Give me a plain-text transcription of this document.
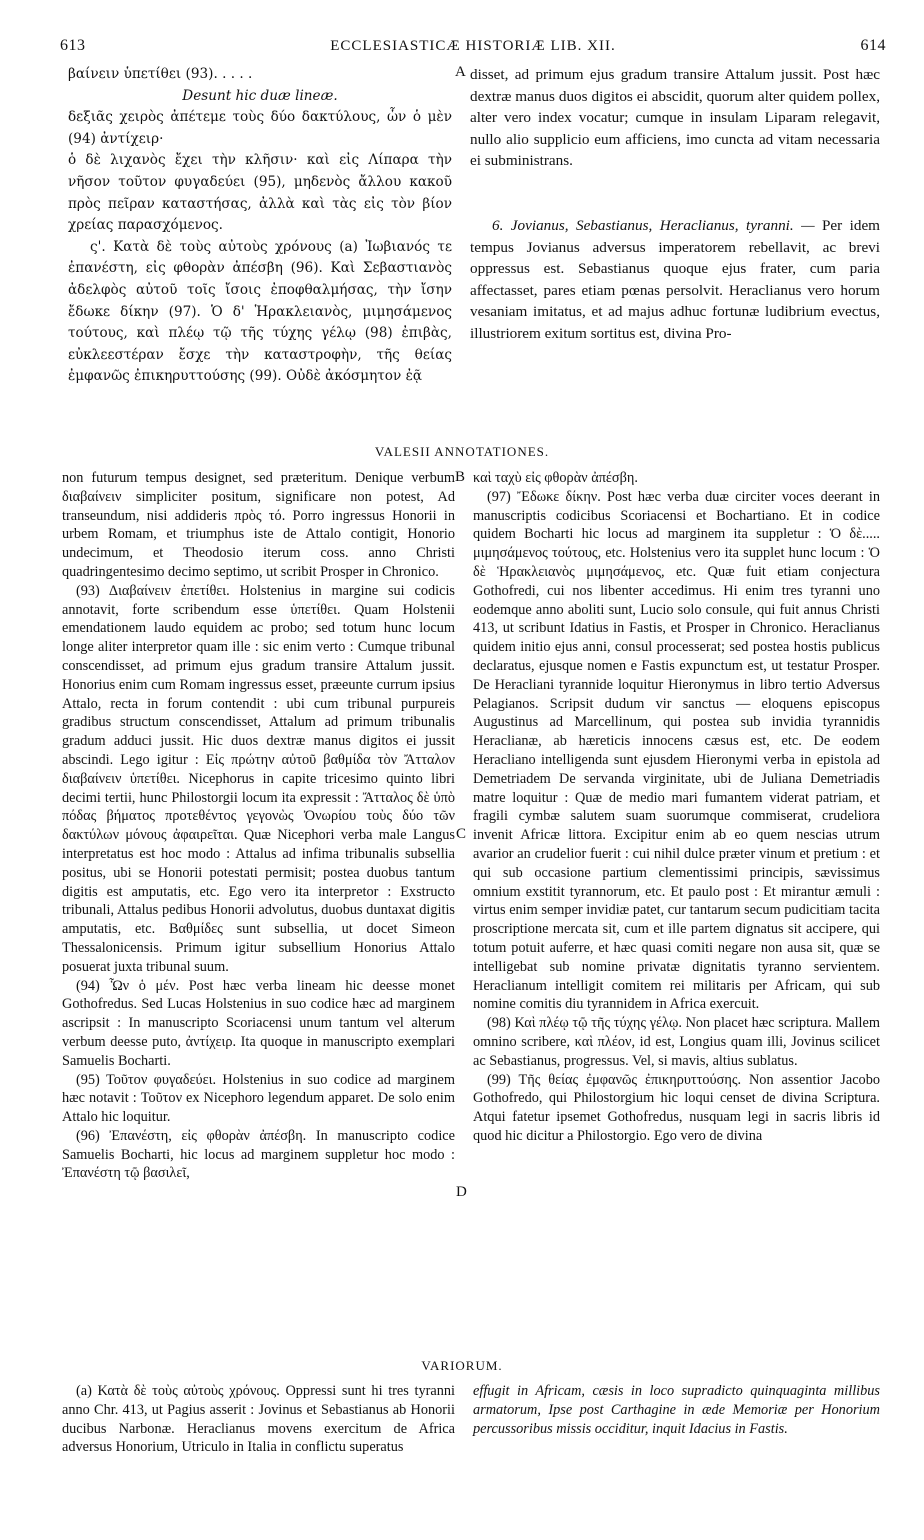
613	ECCLESIASTICÆ HISTORIÆ LIB. XII.	614

βαίνειν ὑπετίθει (93). . . . .

Desunt hic duæ lineæ.

δεξιᾶς χειρὸς ἀπέτεμε τοὺς δύο δακτύλους, ὧν ὁ μὲν (94) ἀντίχειρ·

ὁ δὲ λιχανὸς ἔχει τὴν κλῆσιν· καὶ εἰς Λίπαρα τὴν νῆσον τοῦτον φυγαδεύει (95), μηδενὸς ἄλλου κακοῦ πρὸς πεῖραν καταστήσας, ἀλλὰ καὶ τὰς εἰς τὸν βίον χρείας παρασχόμενος.

ς'. Κατὰ δὲ τοὺς αὐτοὺς χρόνους (a) Ἰωβιανός τε ἐπανέστη, εἰς φθορὰν ἀπέσβη (96). Καὶ Σεβαστιανὸς ἀδελφὸς αὐτοῦ τοῖς ἴσοις ἐποφθαλμήσας, τὴν ἴσην ἔδωκε δίκην (97). Ὁ δ' Ἡρακλειανὸς, μιμησάμενος τούτους, καὶ πλέῳ τῷ τῆς τύχης γέλῳ (98) ἐπιβὰς, εὐκλεεστέραν ἔσχε τὴν καταστροφὴν, τῆς θείας ἐμφανῶς ἐπικηρυττούσης (99). Οὐδὲ ἀκόσμητον ἐᾷ

disset, ad primum ejus gradum transire Attalum jussit. Post hæc dextræ manus duos digitos ei abscidit, quorum alter quidem pollex, alter vero index vocatur; cumque in insulam Liparam relegavit, nullo alio supplicio eum afficiens, imo cuncta ad vitam necessaria ei subministrans.

6. Jovianus, Sebastianus, Heraclianus, tyranni. — Per idem tempus Jovianus adversus imperatorem rebellavit, ac brevi oppressus est. Sebastianus quoque ejus frater, cum paria affectasset, pares etiam pœnas persolvit. Heraclianus vero horum vesaniam imitatus, et ad majus adhuc fortunæ ludibrium evectus, illustriorem exitum sortitus est, divina Pro-

A
B
C
D
VALESII ANNOTATIONES.

non futurum tempus designet, sed præteritum. Denique verbum διαβαίνειν simpliciter positum, significare non potest, Ad transeundum, nisi addideris πρὸς τό. Porro ingressus Honorii in urbem Romam, et triumphus iste de Attalo contigit, Honorio undecimum, et Theodosio iterum coss. anno Christi quadringentesimo decimo septimo, ut scribit Prosper in Chronico.

(93) Διαβαίνειν ἐπετίθει. Holstenius in margine sui codicis annotavit, forte scribendum esse ὑπετίθει. Quam Holstenii emendationem laudo equidem ac probo; sed totum hunc locum longe aliter interpretor quam ille : sic enim verto : Cumque tribunal conscendisset, ad primum ejus gradum transire Attalum jussit. Honorius enim cum Romam ingressus esset, præeunte currum ipsius Attalo, recta in forum contendit : ubi cum tribunal purpureis gradibus structum conscendisset, Attalum ad primum tribunalis gradum adduci jussit. Hic duos dextræ manus digitos ei jussit abscindi. Lego igitur : Εἰς πρώτην αὐτοῦ βαθμίδα τὸν Ἄτταλον διαβαίνειν ὑπετίθει. Nicephorus in capite tricesimo quinto libri decimi tertii, hunc Philostorgii locum ita expressit : Ἄτταλος δὲ ὑπὸ πόδας βήματος προτεθέντος γεγονὼς Ὀνωρίου τοὺς δύο τῶν δακτύλων μόνους ἀφαιρεῖται. Quæ Nicephori verba male Langus interpretatus est hoc modo : Attalus ad infima tribunalis subsellia positus, ubi se Honorii potestati permisit; postea duobus tantum digitis est amputatis, etc. Ego vero ita interpretor : Exstructo tribunali, Attalus pedibus Honorii advolutus, duobus duntaxat digitis amputatis, etc. Βαθμίδες sunt subsellia, ut docet Simeon Thessalonicensis. Primum igitur subsellium Honorius Attalo posuerat juxta tribunal suum.

(94) Ὧν ὁ μέν. Post hæc verba lineam hic deesse monet Gothofredus. Sed Lucas Holstenius in suo codice hæc ad marginem ascripsit : In manuscripto Scoriacensi unum tantum vel alterum verbum deesse puto, ἀντίχειρ. Ita quoque in manuscripto exemplari Samuelis Bocharti.

(95) Τοῦτον φυγαδεύει. Holstenius in suo codice ad marginem hæc notavit : Τοῦτον ex Nicephoro legendum apparet. De solo enim Attalo hic loquitur.

(96) Ἐπανέστη, εἰς φθορὰν ἀπέσβη. In manuscripto codice Samuelis Bocharti, hic locus ad marginem suppletur hoc modo : Ἐπανέστη τῷ βασιλεῖ,

καὶ ταχὺ εἰς φθορὰν ἀπέσβη.

(97) Ἔδωκε δίκην. Post hæc verba duæ circiter voces deerant in manuscriptis codicibus Scoriacensi et Bochartiano. Et in codice quidem Bocharti hic locus ad marginem ita suppletur : Ὁ δὲ..... μιμησάμενος τούτους, etc. Holstenius vero ita supplet hunc locum : Ὁ δὲ Ἡρακλειανὸς μιμησάμενος, etc. Quæ fuit etiam conjectura Gothofredi, cui nos libenter accedimus. Hi enim tres tyranni uno eodemque anno aboliti sunt, Lucio solo consule, qui fuit annus Christi 413, ut scribunt Idatius in Fastis, et Prosper in Chronico. Heraclianus quidem initio ejus anni, consul processerat; sed postea hostis publicus declaratus, ejusque nomen e Fastis expunctum est, ut testatur Prosper. De Heracliani tyrannide loquitur Hieronymus in libro tertio Adversus Pelagianos. Scripsit dudum vir sanctus — eloquens episcopus Augustinus ad Marcellinum, qui postea sub invidia tyrannidis Heraclianæ, ab hæreticis innocens cæsus est, etc. De eodem Heracliano intelligenda sunt ejusdem Hieronymi verba in epistola ad Demetriadem De servanda virginitate, ubi de Juliana Demetriadis matre loquitur : Quæ de medio mari fumantem viderat patriam, et fragili cymbæ salutem suam suorumque commiserat, crudeliora invenit Africæ littora. Excipitur enim ab eo quem nescias utrum avarior an crudelior fuerit : cui nihil dulce præter vinum et pretium : et qui sub occasione partium clementissimi principis, sævissimus omnium exstitit tyrannorum, etc. Et paulo post : Et mirantur æmuli : virtus enim semper invidiæ patet, cur tantarum secum pudicitiam tacita proscriptione mercata sit, cum et ille partem dignatus sit accipere, qui totum potuit auferre, et hæc quasi comiti negare non ausa sit, quæ se intelligebat sub nomine privatæ dignitatis tyranno servientem. Heraclianum intelligit comitem rei militaris per Africam, qui sub nomine comitis diu tyrannidem in Africa exercuit.

(98) Καὶ πλέῳ τῷ τῆς τύχης γέλῳ. Non placet hæc scriptura. Mallem omnino scribere, καὶ πλέον, id est, Longius quam illi, Jovinus scilicet ac Sebastianus, progressus. Vel, si mavis, altius sublatus.

(99) Τῆς θείας ἐμφανῶς ἐπικηρυττούσης. Non assentior Jacobo Gothofredo, qui Philostorgium hic loqui censet de divina Scriptura. Atqui fatetur ipsemet Gothofredus, nusquam legi in sacris libris id quod hic dicitur a Philostorgio. Ego vero de divina

VARIORUM.

(a) Κατὰ δὲ τοὺς αὐτοὺς χρόνους. Oppressi sunt hi tres tyranni anno Chr. 413, ut Pagius asserit : Jovinus et Sebastianus ab Honorii ducibus Narbonæ. Heraclianus movens exercitum de Africa adversus Honorium, Utriculo in Italia in conflictu superatus

effugit in Africam, cæsis in loco supradicto quinquaginta millibus armatorum, Ipse post Carthagine in æde Memoriæ per Honorium percussoribus missis occiditur, inquit Idacius in Fastis.
